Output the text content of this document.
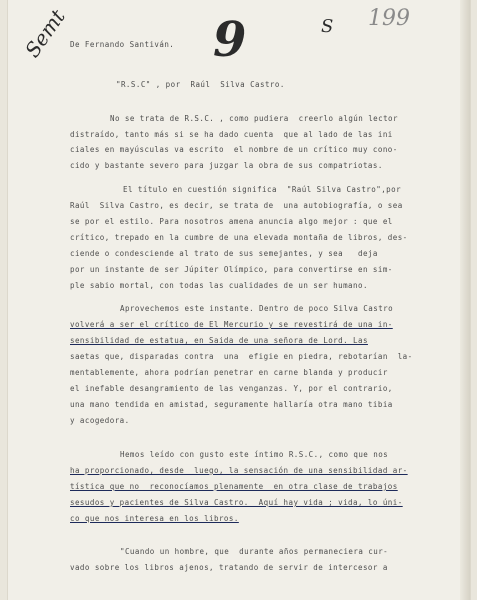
Semt	9	S 199
De Fernando Santiván.
"R.S.C" , por  Raúl  Silva Castro.
No se trata de R.S.C. , como pudiera  creerlo algún lector
distraído, tanto más si se ha dado cuenta  que al lado de las ini
ciales en mayúsculas va escrito  el nombre de un crítico muy cono-
cido y bastante severo para juzgar la obra de sus compatriotas.
El título en cuestión significa  "Raúl Silva Castro",por
Raúl  Silva Castro, es decir, se trata de  una autobiografía, o sea
se por el estilo. Para nosotros amena anuncia algo mejor : que el
crítico, trepado en la cumbre de una elevada montaña de libros, des-
ciende o condesciende al trato de sus semejantes, y sea   deja
por un instante de ser Júpiter Olímpico, para convertirse en sim-
ple sabio mortal, con todas las cualidades de un ser humano.
Aprovechemos este instante. Dentro de poco Silva Castro
volverá a ser el crítico de El Mercurio y se revestirá de una in-
sensibilidad de estatua, en Saida de una señora de Lord. Las
saetas que, disparadas contra  una  efigie en piedra, rebotarían  la-
mentablemente, ahora podrían penetrar en carne blanda y producir
el inefable desangramiento de las venganzas. Y, por el contrario,
una mano tendida en amistad, seguramente hallaría otra mano tibia
y acogedora.
Hemos leído con gusto este íntimo R.S.C., como que nos
ha proporcionado, desde  luego, la sensación de una sensibilidad ar-
tística que no  reconocíamos plenamente  en otra clase de trabajos
sesudos y pacientes de Silva Castro.  Aquí hay vida ; vida, lo úni-
co que nos interesa en los libros.
"Cuando un hombre, que  durante años permaneciera cur-
vado sobre los libros ajenos, tratando de servir de intercesor a
